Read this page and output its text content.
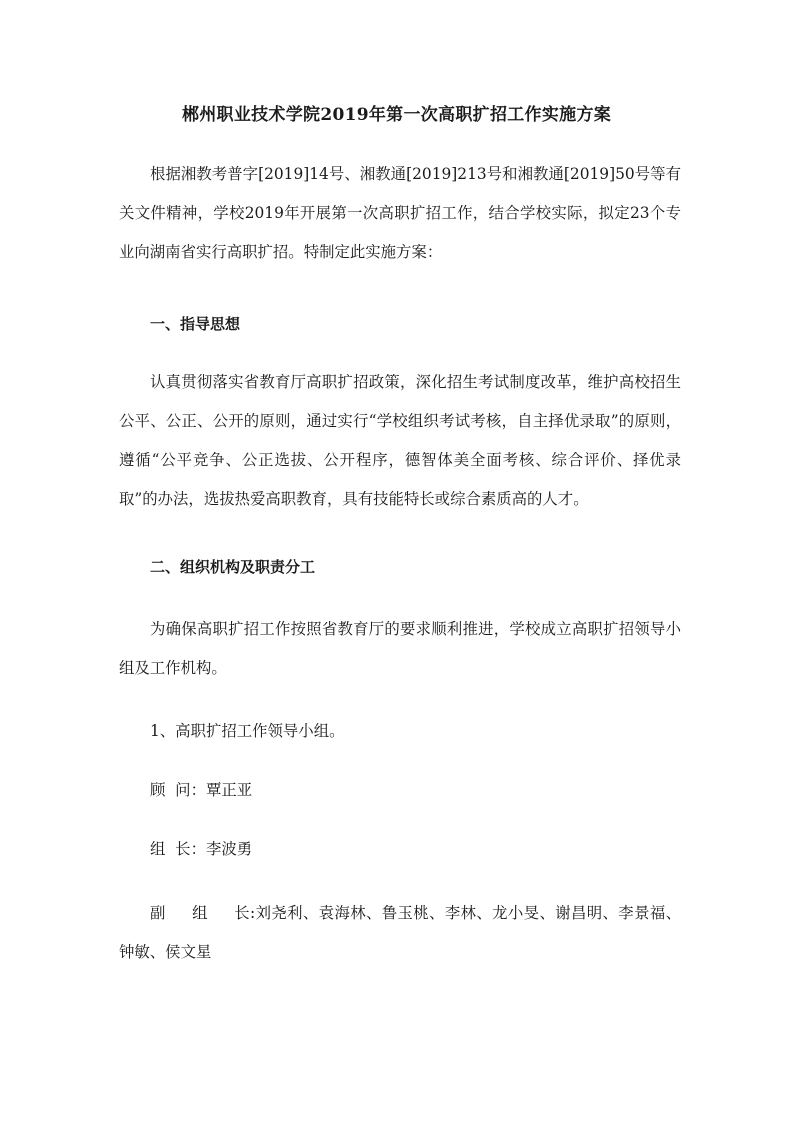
郴州职业技术学院2019年第一次高职扩招工作实施方案
根据湘教考普字[2019]14号、湘教通[2019]213号和湘教通[2019]50号等有关文件精神，学校2019年开展第一次高职扩招工作，结合学校实际，拟定23个专业向湖南省实行高职扩招。特制定此实施方案：
一、指导思想
认真贯彻落实省教育厅高职扩招政策，深化招生考试制度改革，维护高校招生公平、公正、公开的原则，通过实行“学校组织考试考核，自主择优录取”的原则，遵循“公平竞争、公正选拔、公开程序，德智体美全面考核、综合评价、择优录取”的办法，选拔热爱高职教育，具有技能特长或综合素质高的人才。
二、组织机构及职责分工
为确保高职扩招工作按照省教育厅的要求顺利推进，学校成立高职扩招领导小组及工作机构。
1、高职扩招工作领导小组。
顾  问：覃正亚
组  长：李波勇
副     组     长:刘尧利、袁海林、鲁玉桃、李林、龙小旻、谢昌明、李景福、钟敏、侯文星
